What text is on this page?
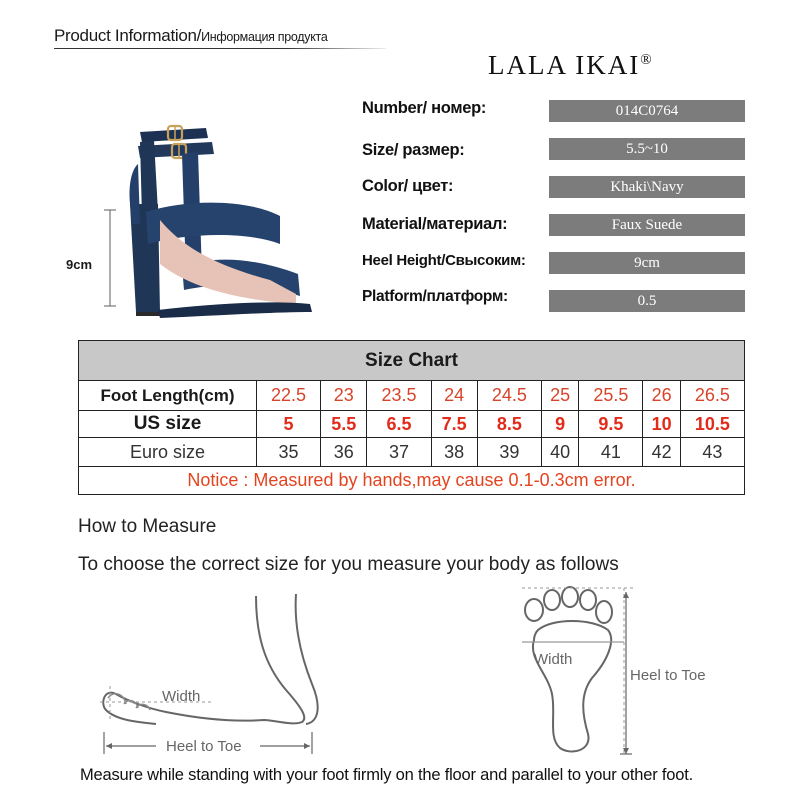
Product Information/Информация продукта
LALA IKAI®
Number/ номер:	014C0764
Size/ размер:	5.5~10
Color/ цвет:	Khaki\Navy
Material/материал:	Faux Suede
Heel Height/Свысоким:	9cm
Platform/платформ:	0.5
9cm
Size Chart									
Foot Length(cm)	22.5	23	23.5	24	24.5	25	25.5	26	26.5
US size	5	5.5	6.5	7.5	8.5	9	9.5	10	10.5
Euro size	35	36	37	38	39	40	41	42	43
Notice : Measured by hands,may cause 0.1-0.3cm error.									
How to Measure
To choose the correct size for you measure your body as follows
Width
Heel to Toe
Width
Heel to Toe
Measure while standing with your foot firmly on the floor and parallel to your other foot.
